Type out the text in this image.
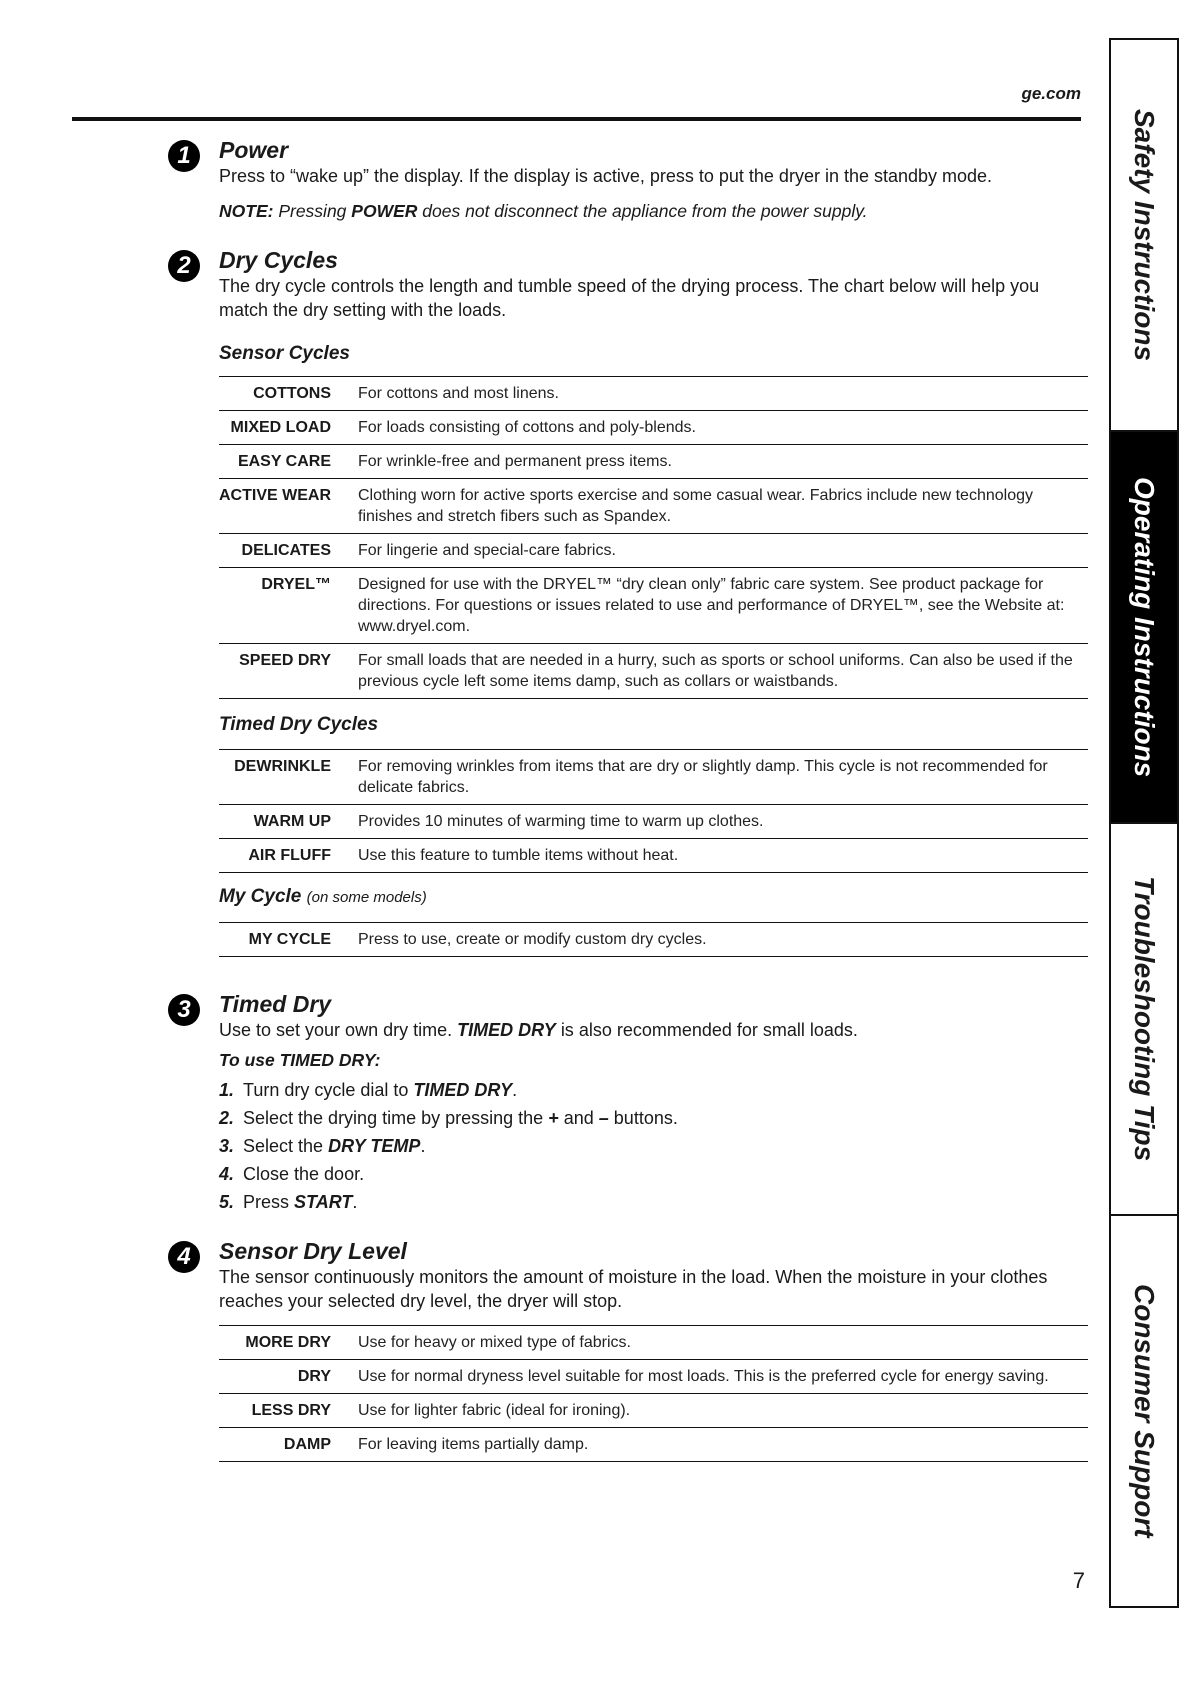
ge.com
Safety Instructions
Operating Instructions
Troubleshooting Tips
Consumer Support
1	Power
Press to “wake up” the display. If the display is active, press to put the dryer in the standby mode.
NOTE: Pressing POWER does not disconnect the appliance from the power supply.
2	Dry Cycles
The dry cycle controls the length and tumble speed of the drying process. The chart below will help you match the dry setting with the loads.
Sensor Cycles
COTTONS	For cottons and most linens.
MIXED LOAD	For loads consisting of cottons and poly-blends.
EASY CARE	For wrinkle-free and permanent press items.
ACTIVE WEAR	Clothing worn for active sports exercise and some casual wear. Fabrics include new technology finishes and stretch fibers such as Spandex.
DELICATES	For lingerie and special-care fabrics.
DRYEL™	Designed for use with the DRYEL™ “dry clean only” fabric care system. See product package for directions. For questions or issues related to use and performance of DRYEL™, see the Website at: www.dryel.com.
SPEED DRY	For small loads that are needed in a hurry, such as sports or school uniforms. Can also be used if the previous cycle left some items damp, such as collars or waistbands.
Timed Dry Cycles
DEWRINKLE	For removing wrinkles from items that are dry or slightly damp. This cycle is not recommended for delicate fabrics.
WARM UP	Provides 10 minutes of warming time to warm up clothes.
AIR FLUFF	Use this feature to tumble items without heat.
My Cycle (on some models)
MY CYCLE	Press to use, create or modify custom dry cycles.
3	Timed Dry
Use to set your own dry time. TIMED DRY is also recommended for small loads.
To use TIMED DRY:
1. Turn dry cycle dial to TIMED DRY.
2. Select the drying time by pressing the + and – buttons.
3. Select the DRY TEMP.
4. Close the door.
5. Press START.
4	Sensor Dry Level
The sensor continuously monitors the amount of moisture in the load. When the moisture in your clothes reaches your selected dry level, the dryer will stop.
MORE DRY	Use for heavy or mixed type of fabrics.
DRY	Use for normal dryness level suitable for most loads. This is the preferred cycle for energy saving.
LESS DRY	Use for lighter fabric (ideal for ironing).
DAMP	For leaving items partially damp.
7
